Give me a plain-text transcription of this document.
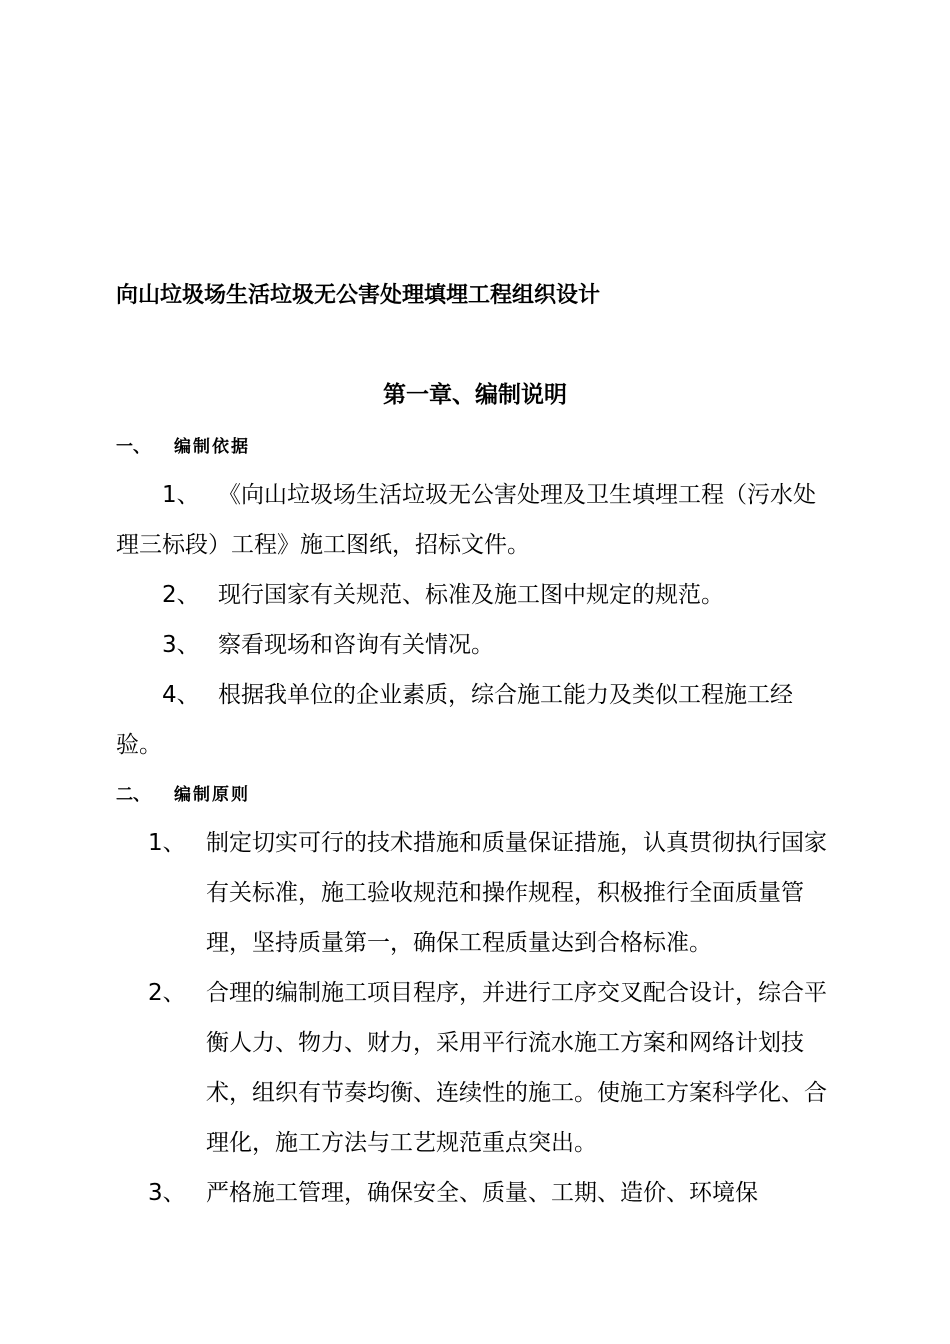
向山垃圾场生活垃圾无公害处理填埋工程组织设计
第一章、编制说明
一、 编制依据
1、 《向山垃圾场生活垃圾无公害处理及卫生填埋工程（污水处理三标段）工程》施工图纸，招标文件。
2、 现行国家有关规范、标准及施工图中规定的规范。
3、 察看现场和咨询有关情况。
4、 根据我单位的企业素质，综合施工能力及类似工程施工经验。
二、 编制原则
1、 制定切实可行的技术措施和质量保证措施，认真贯彻执行国家有关标准，施工验收规范和操作规程，积极推行全面质量管理，坚持质量第一，确保工程质量达到合格标准。
2、 合理的编制施工项目程序，并进行工序交叉配合设计，综合平衡人力、物力、财力，采用平行流水施工方案和网络计划技术，组织有节奏均衡、连续性的施工。使施工方案科学化、合理化，施工方法与工艺规范重点突出。
3、 严格施工管理，确保安全、质量、工期、造价、环境保
